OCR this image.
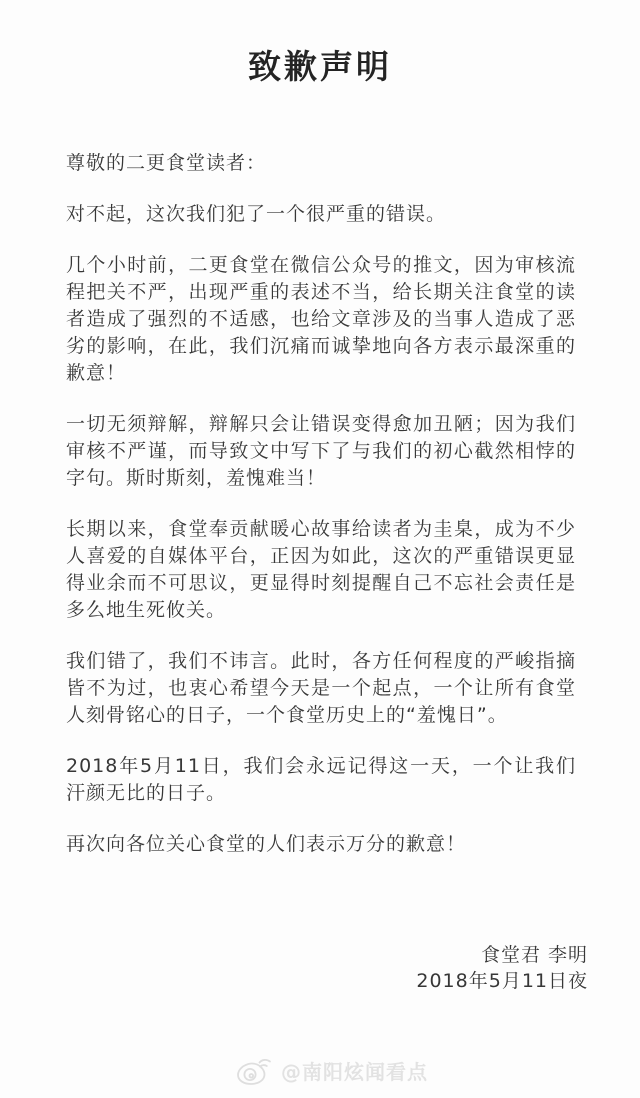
致歉声明

尊敬的二更食堂读者：

对不起，这次我们犯了一个很严重的错误。

几个小时前，二更食堂在微信公众号的推文，因为审核流程把关不严，出现严重的表述不当，给长期关注食堂的读者造成了强烈的不适感，也给文章涉及的当事人造成了恶劣的影响，在此，我们沉痛而诚挚地向各方表示最深重的歉意！

一切无须辩解，辩解只会让错误变得愈加丑陋；因为我们审核不严谨，而导致文中写下了与我们的初心截然相悖的字句。斯时斯刻，羞愧难当！

长期以来，食堂奉贡献暖心故事给读者为圭臬，成为不少人喜爱的自媒体平台，正因为如此，这次的严重错误更显得业余而不可思议，更显得时刻提醒自己不忘社会责任是多么地生死攸关。

我们错了，我们不讳言。此时，各方任何程度的严峻指摘皆不为过，也衷心希望今天是一个起点，一个让所有食堂人刻骨铭心的日子，一个食堂历史上的“羞愧日”。

2018年5月11日，我们会永远记得这一天，一个让我们汗颜无比的日子。

再次向各位关心食堂的人们表示万分的歉意！

食堂君 李明

2018年5月11日夜

@南阳炫闻看点
